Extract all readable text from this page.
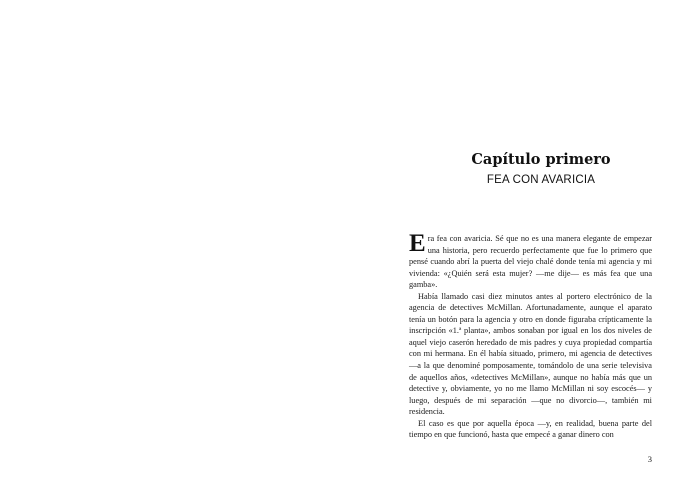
Capítulo primero
FEA CON AVARICIA

Era fea con avaricia. Sé que no es una manera elegante de empezar una historia, pero recuerdo perfectamente que fue lo primero que pensé cuando abrí la puerta del viejo chalé donde tenía mi agencia y mi vivienda: «¿Quién será esta mujer? —me dije— es más fea que una gamba».

Había llamado casi diez minutos antes al portero electrónico de la agencia de detectives McMillan. Afortunadamente, aunque el aparato tenía un botón para la agencia y otro en donde figuraba crípticamente la inscripción «1.ª planta», ambos sonaban por igual en los dos niveles de aquel viejo caserón heredado de mis padres y cuya propiedad compartía con mi hermana. En él había situado, primero, mi agencia de detectives —a la que denominé pomposamente, tomándolo de una serie televisiva de aquellos años, «detectives McMillan», aunque no había más que un detective y, obviamente, yo no me llamo McMillan ni soy escocés— y luego, después de mi separación —que no divorcio—, también mi residencia.

El caso es que por aquella época —y, en realidad, buena parte del tiempo en que funcionó, hasta que empecé a ganar dinero con

3
